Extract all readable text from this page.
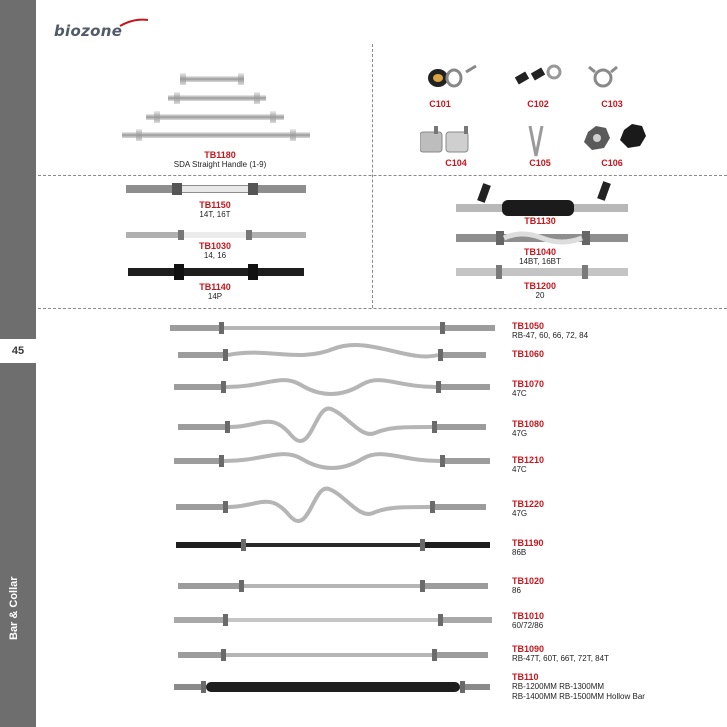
45
Bar & Collar
biozone
TB1180
SDA Straight Handle (1-9)
C101	C102	C103
C104	C105	C106
TB1150
14T, 16T
TB1030
14, 16
TB1140
14P
TB1130
TB1040
14BT, 16BT
TB1200
20
TB1050
RB-47, 60, 66, 72, 84
TB1060
TB1070
47C
TB1080
47G
TB1210
47C
TB1220
47G
TB1190
86B
TB1020
86
TB1010
60/72/86
TB1090
RB-47T, 60T, 66T, 72T, 84T
TB110
RB-1200MM RB-1300MM
RB-1400MM RB-1500MM Hollow Bar
